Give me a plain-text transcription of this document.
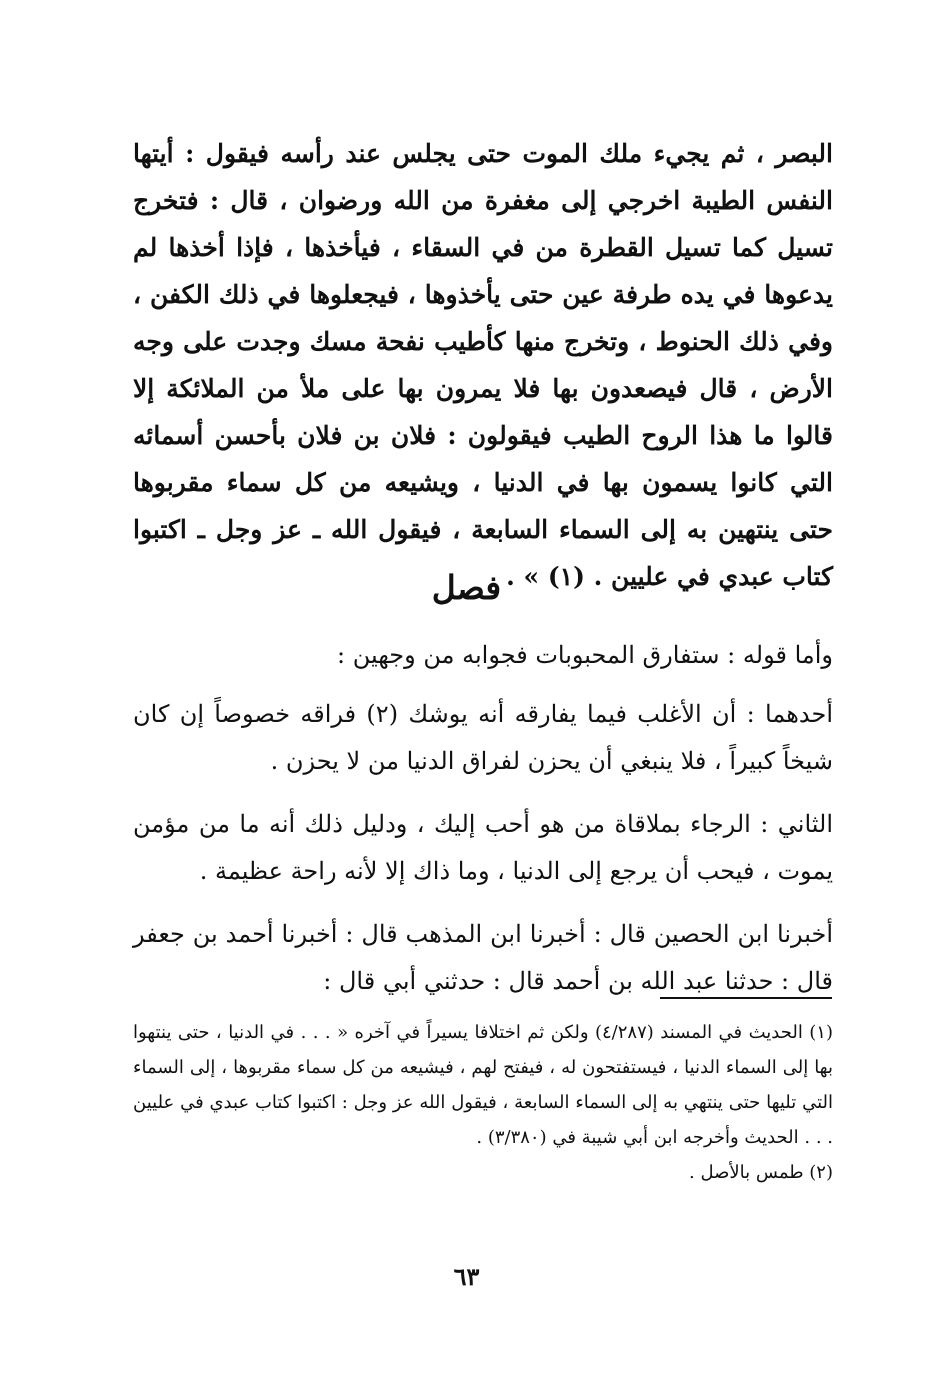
البصر ، ثم يجيء ملك الموت حتى يجلس عند رأسه فيقول : أيتها النفس الطيبة اخرجي إلى مغفرة من الله ورضوان ، قال : فتخرج تسيل كما تسيل القطرة من في السقاء ، فيأخذها ، فإذا أخذها لم يدعوها في يده طرفة عين حتى يأخذوها ، فيجعلوها في ذلك الكفن ، وفي ذلك الحنوط ، وتخرج منها كأطيب نفحة مسك وجدت على وجه الأرض ، قال فيصعدون بها فلا يمرون بها على ملأ من الملائكة إلا قالوا ما هذا الروح الطيب فيقولون : فلان بن فلان بأحسن أسمائه التي كانوا يسمون بها في الدنيا ، ويشيعه من كل سماء مقربوها حتى ينتهين به إلى السماء السابعة ، فيقول الله ـ عز وجل ـ اكتبوا كتاب عبدي في عليين . (١) » .

فصل

وأما قوله : ستفارق المحبوبات فجوابه من وجهين :

أحدهما : أن الأغلب فيما يفارقه أنه يوشك (٢) فراقه خصوصاً إن كان شيخاً كبيراً ، فلا ينبغي أن يحزن لفراق الدنيا من لا يحزن .

الثاني : الرجاء بملاقاة من هو أحب إليك ، ودليل ذلك أنه ما من مؤمن يموت ، فيحب أن يرجع إلى الدنيا ، وما ذاك إلا لأنه راحة عظيمة .

أخبرنا ابن الحصين قال : أخبرنا ابن المذهب قال : أخبرنا أحمد بن جعفر قال : حدثنا عبد الله بن أحمد قال : حدثني أبي قال :

(١) الحديث في المسند (٤/٢٨٧) ولكن ثم اختلافا يسيراً في آخره « . . . في الدنيا ، حتى ينتهوا بها إلى السماء الدنيا ، فيستفتحون له ، فيفتح لهم ، فيشيعه من كل سماء مقربوها ، إلى السماء التي تليها حتى ينتهي به إلى السماء السابعة ، فيقول الله عز وجل : اكتبوا كتاب عبدي في عليين . . . الحديث وأخرجه ابن أبي شيبة في (٣/٣٨٠) .

(٢) طمس بالأصل .

٦٣
